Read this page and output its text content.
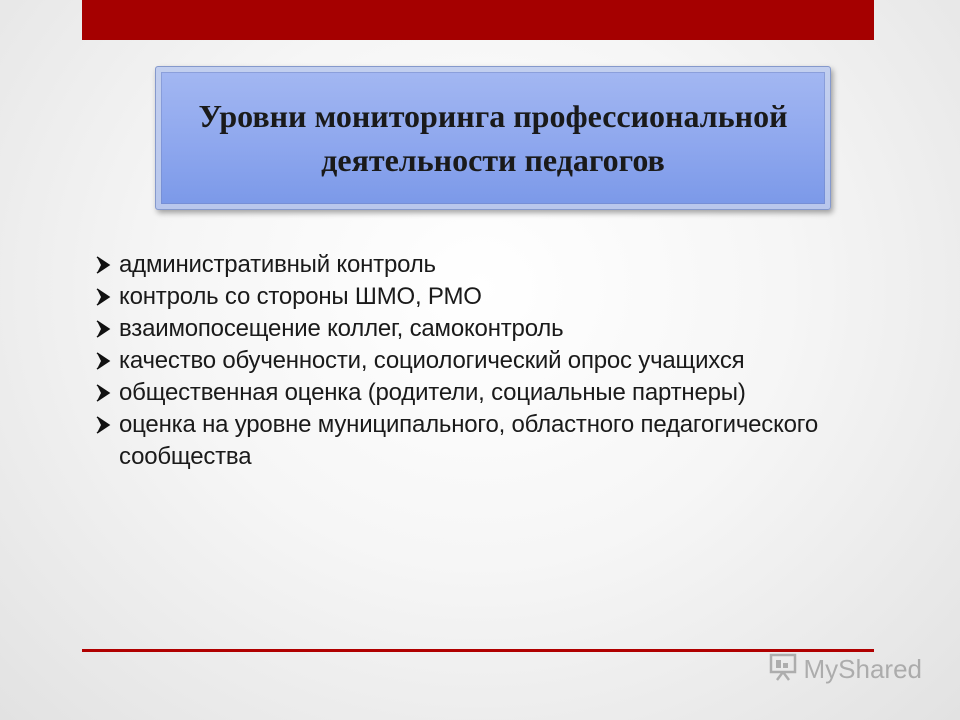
Уровни мониторинга профессиональной деятельности педагогов
административный контроль
контроль со стороны ШМО, РМО
взаимопосещение коллег, самоконтроль
качество обученности, социологический опрос учащихся
общественная оценка (родители, социальные партнеры)
оценка на уровне муниципального, областного педагогического сообщества
MyShared
